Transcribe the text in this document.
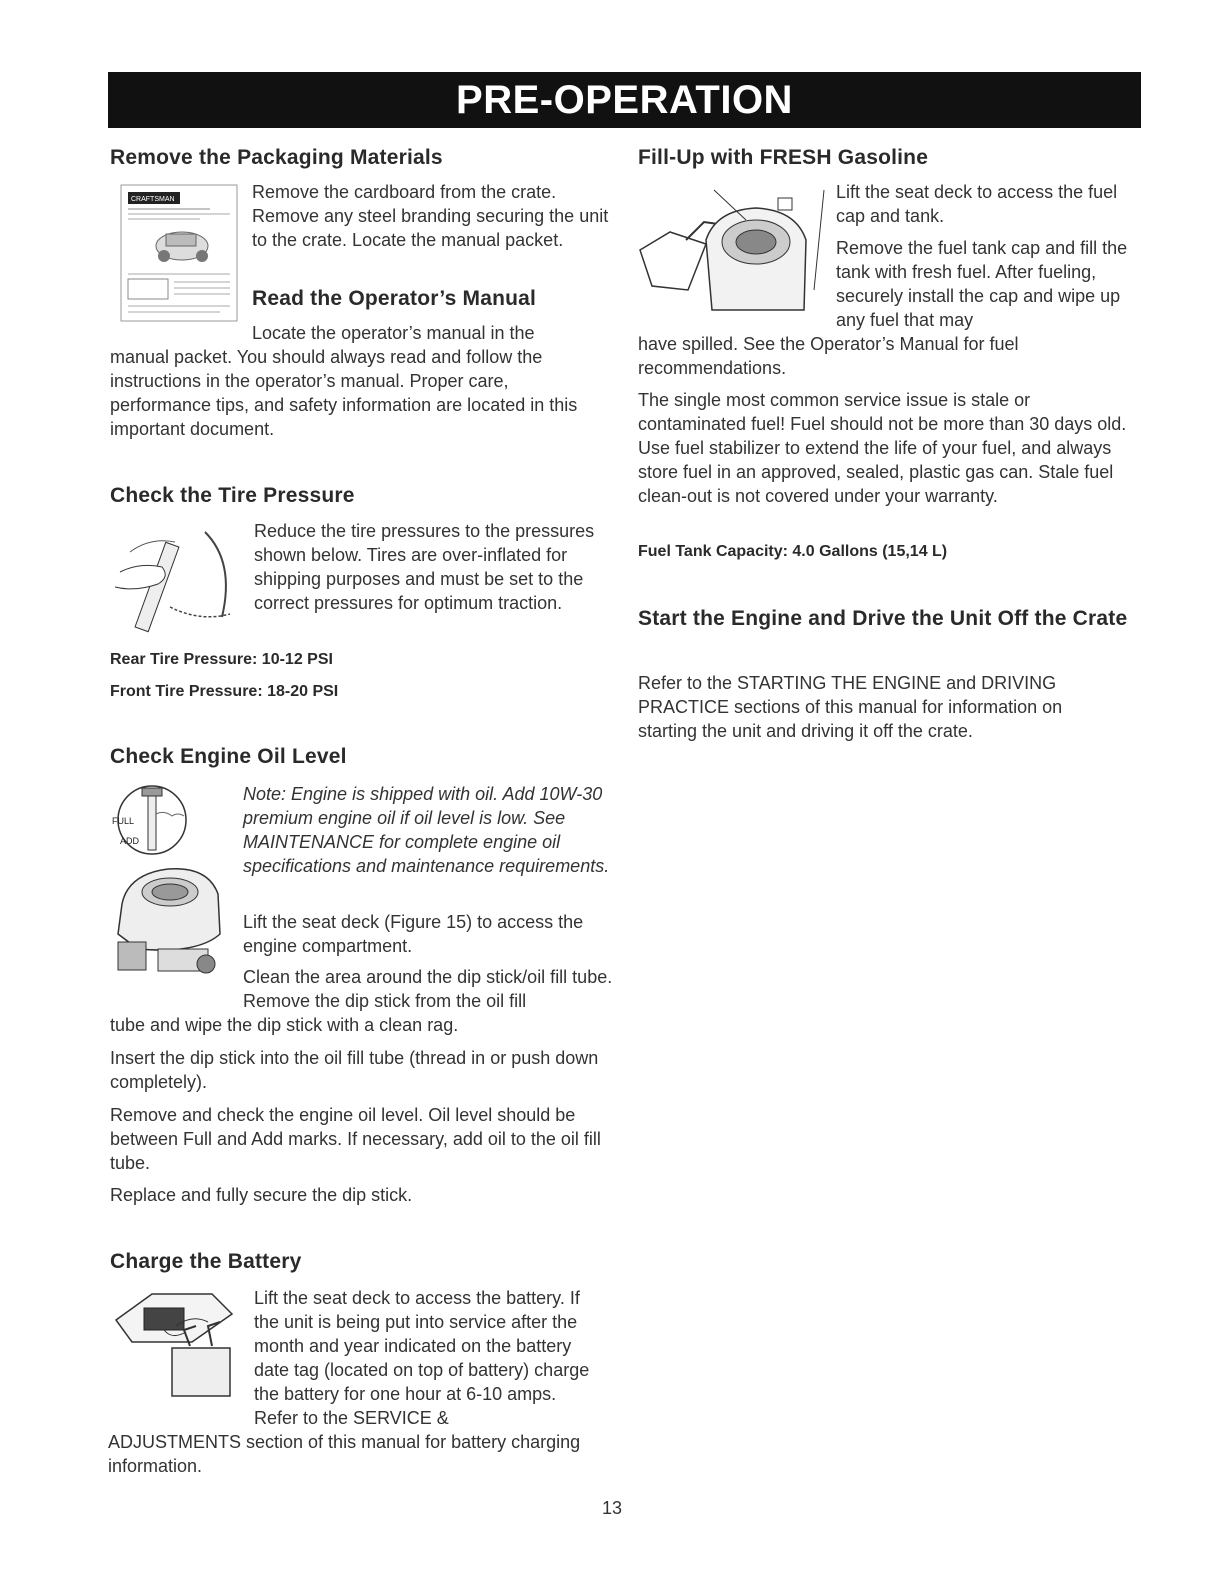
PRE-OPERATION
Remove the Packaging Materials
CRAFTSMAN	Remove the cardboard from the crate. Remove any steel branding securing the unit to the crate. Locate the manual packet.

Read the Operator’s Manual

Locate the operator’s manual in the

manual packet. You should always read and follow the instructions in the operator’s manual. Proper care, performance tips, and safety information are located in this important document.

Check the Tire Pressure

Reduce the tire pressures to the pressures shown below. Tires are over-inflated for shipping purposes and must be set to the correct pressures for optimum traction.

Rear Tire Pressure: 10-12 PSI
Front Tire Pressure: 18-20 PSI
Check Engine Oil Level
FULL
ADD

Note: Engine is shipped with oil. Add 10W-30 premium engine oil if oil level is low. See MAINTENANCE for complete engine oil specifications and maintenance requirements.

Lift the seat deck (Figure 15) to access the engine compartment.

Clean the area around the dip stick/oil fill tube. Remove the dip stick from the oil fill

tube and wipe the dip stick with a clean rag.

Insert the dip stick into the oil fill tube (thread in or push down completely).

Remove and check the engine oil level. Oil level should be between Full and Add marks. If necessary, add oil to the oil fill tube.

Replace and fully secure the dip stick.

Charge the Battery

Lift the seat deck to access the battery. If the unit is being put into service after the month and year indicated on the battery date tag (located on top of battery) charge the battery for one hour at 6-10 amps. Refer to the SERVICE &

ADJUSTMENTS section of this manual for battery charging information.

Fill-Up with FRESH Gasoline

Lift the seat deck to access the fuel cap and tank.

Remove the fuel tank cap and fill the tank with fresh fuel. After fueling, securely install the cap and wipe up any fuel that may

have spilled. See the Operator’s Manual for fuel recommendations.

The single most common service issue is stale or contaminated fuel! Fuel should not be more than 30 days old. Use fuel stabilizer to extend the life of your fuel, and always store fuel in an approved, sealed, plastic gas can. Stale fuel clean-out is not covered under your warranty.

Fuel Tank Capacity: 4.0 Gallons (15,14 L)
Start the Engine and Drive the Unit Off the Crate

Refer to the STARTING THE ENGINE and DRIVING PRACTICE sections of this manual for information on starting the unit and driving it off the crate.

13
